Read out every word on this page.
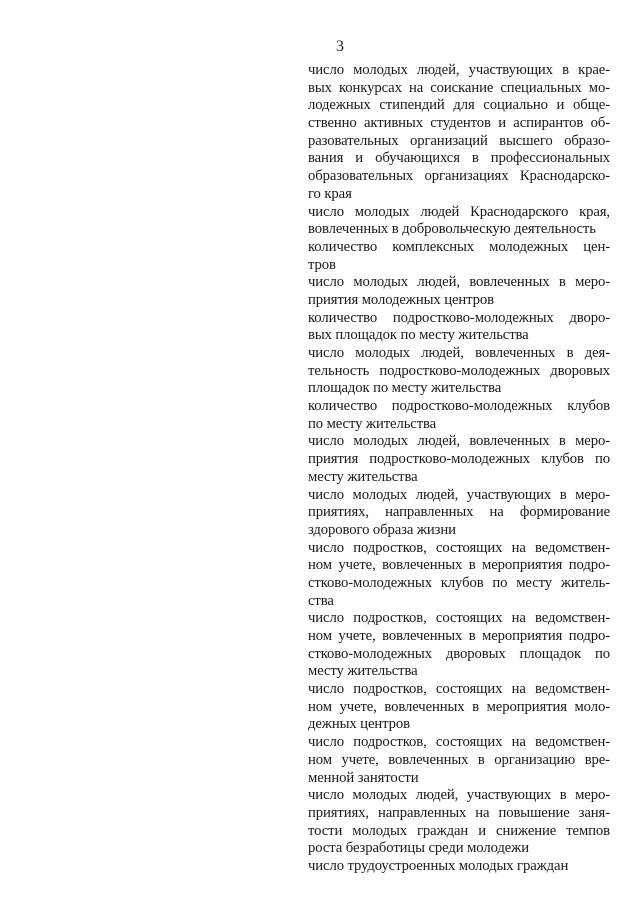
3
число молодых людей, участвующих в крае-
вых конкурсах на соискание специальных мо-
лодежных стипендий для социально и обще-
ственно активных студентов и аспирантов об-
разовательных организаций высшего образо-
вания и обучающихся в профессиональных
образовательных организациях Краснодарско-
го края
число молодых людей Краснодарского края,
вовлеченных в добровольческую деятельность
количество комплексных молодежных цен-
тров
число молодых людей, вовлеченных в меро-
приятия молодежных центров
количество подростково-молодежных дворо-
вых площадок по месту жительства
число молодых людей, вовлеченных в дея-
тельность подростково-молодежных дворовых
площадок по месту жительства
количество подростково-молодежных клубов
по месту жительства
число молодых людей, вовлеченных в меро-
приятия подростково-молодежных клубов по
месту жительства
число молодых людей, участвующих в меро-
приятиях, направленных на формирование
здорового образа жизни
число подростков, состоящих на ведомствен-
ном учете, вовлеченных в мероприятия подро-
стково-молодежных клубов по месту житель-
ства
число подростков, состоящих на ведомствен-
ном учете, вовлеченных в мероприятия подро-
стково-молодежных дворовых площадок по
месту жительства
число подростков, состоящих на ведомствен-
ном учете, вовлеченных в мероприятия моло-
дежных центров
число подростков, состоящих на ведомствен-
ном учете, вовлеченных в организацию вре-
менной занятости
число молодых людей, участвующих в меро-
приятиях, направленных на повышение заня-
тости молодых граждан и снижение темпов
роста безработицы среди молодежи
число трудоустроенных молодых граждан
